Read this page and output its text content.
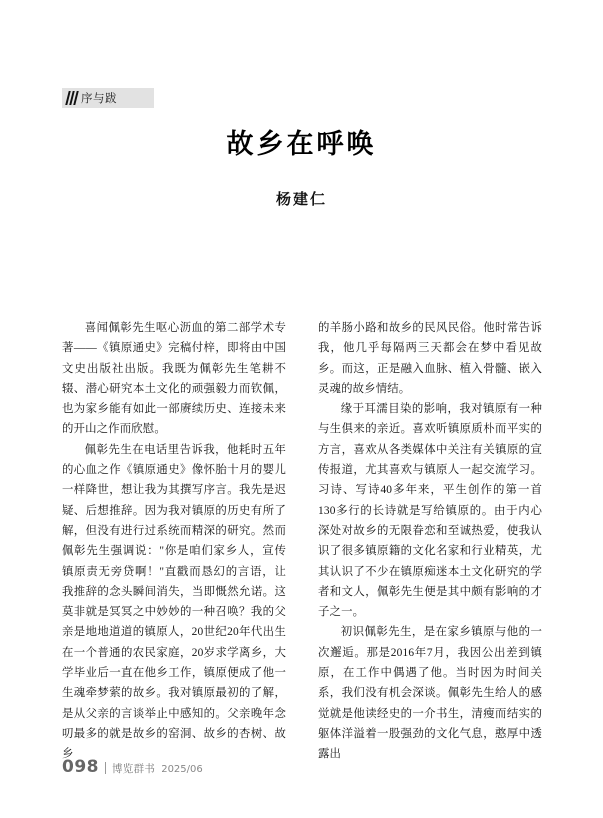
序与跋
故乡在呼唤
杨建仁

喜闻佩彰先生呕心沥血的第二部学术专著——《镇原通史》完稿付梓，即将由中国文史出版社出版。我既为佩彰先生笔耕不辍、潜心研究本土文化的顽强毅力而钦佩，也为家乡能有如此一部赓续历史、连接未来的开山之作而欣慰。

佩彰先生在电话里告诉我，他耗时五年的心血之作《镇原通史》像怀胎十月的婴儿一样降世，想让我为其撰写序言。我先是迟疑、后想推辞。因为我对镇原的历史有所了解，但没有进行过系统而精深的研究。然而佩彰先生强调说："你是咱们家乡人，宣传镇原责无旁贷啊！"直戳而恳幻的言语，让我推辞的念头瞬间消失，当即慨然允诺。这莫非就是冥冥之中妙妙的一种召唤？我的父亲是地地道道的镇原人，20世纪20年代出生在一个普通的农民家庭，20岁求学离乡，大学毕业后一直在他乡工作，镇原便成了他一生魂牵梦萦的故乡。我对镇原最初的了解，是从父亲的言谈举止中感知的。父亲晚年念叨最多的就是故乡的窑洞、故乡的杏树、故乡

的羊肠小路和故乡的民风民俗。他时常告诉我，他几乎每隔两三天都会在梦中看见故乡。而这，正是融入血脉、植入骨髓、嵌入灵魂的故乡情结。

缘于耳濡目染的影响，我对镇原有一种与生俱来的亲近。喜欢听镇原质朴而平实的方言，喜欢从各类媒体中关注有关镇原的宣传报道，尤其喜欢与镇原人一起交流学习。习诗、写诗40多年来，平生创作的第一首130多行的长诗就是写给镇原的。由于内心深处对故乡的无限眷恋和至诚热爱，使我认识了很多镇原籍的文化名家和行业精英，尤其认识了不少在镇原痴迷本土文化研究的学者和文人，佩彰先生便是其中颇有影响的才子之一。

初识佩彰先生，是在家乡镇原与他的一次邂逅。那是2016年7月，我因公出差到镇原，在工作中偶遇了他。当时因为时间关系，我们没有机会深谈。佩彰先生给人的感觉就是他读经史的一介书生，清瘦而结实的躯体洋溢着一股强劲的文化气息，憨厚中透露出

098 博览群书 2025/06
